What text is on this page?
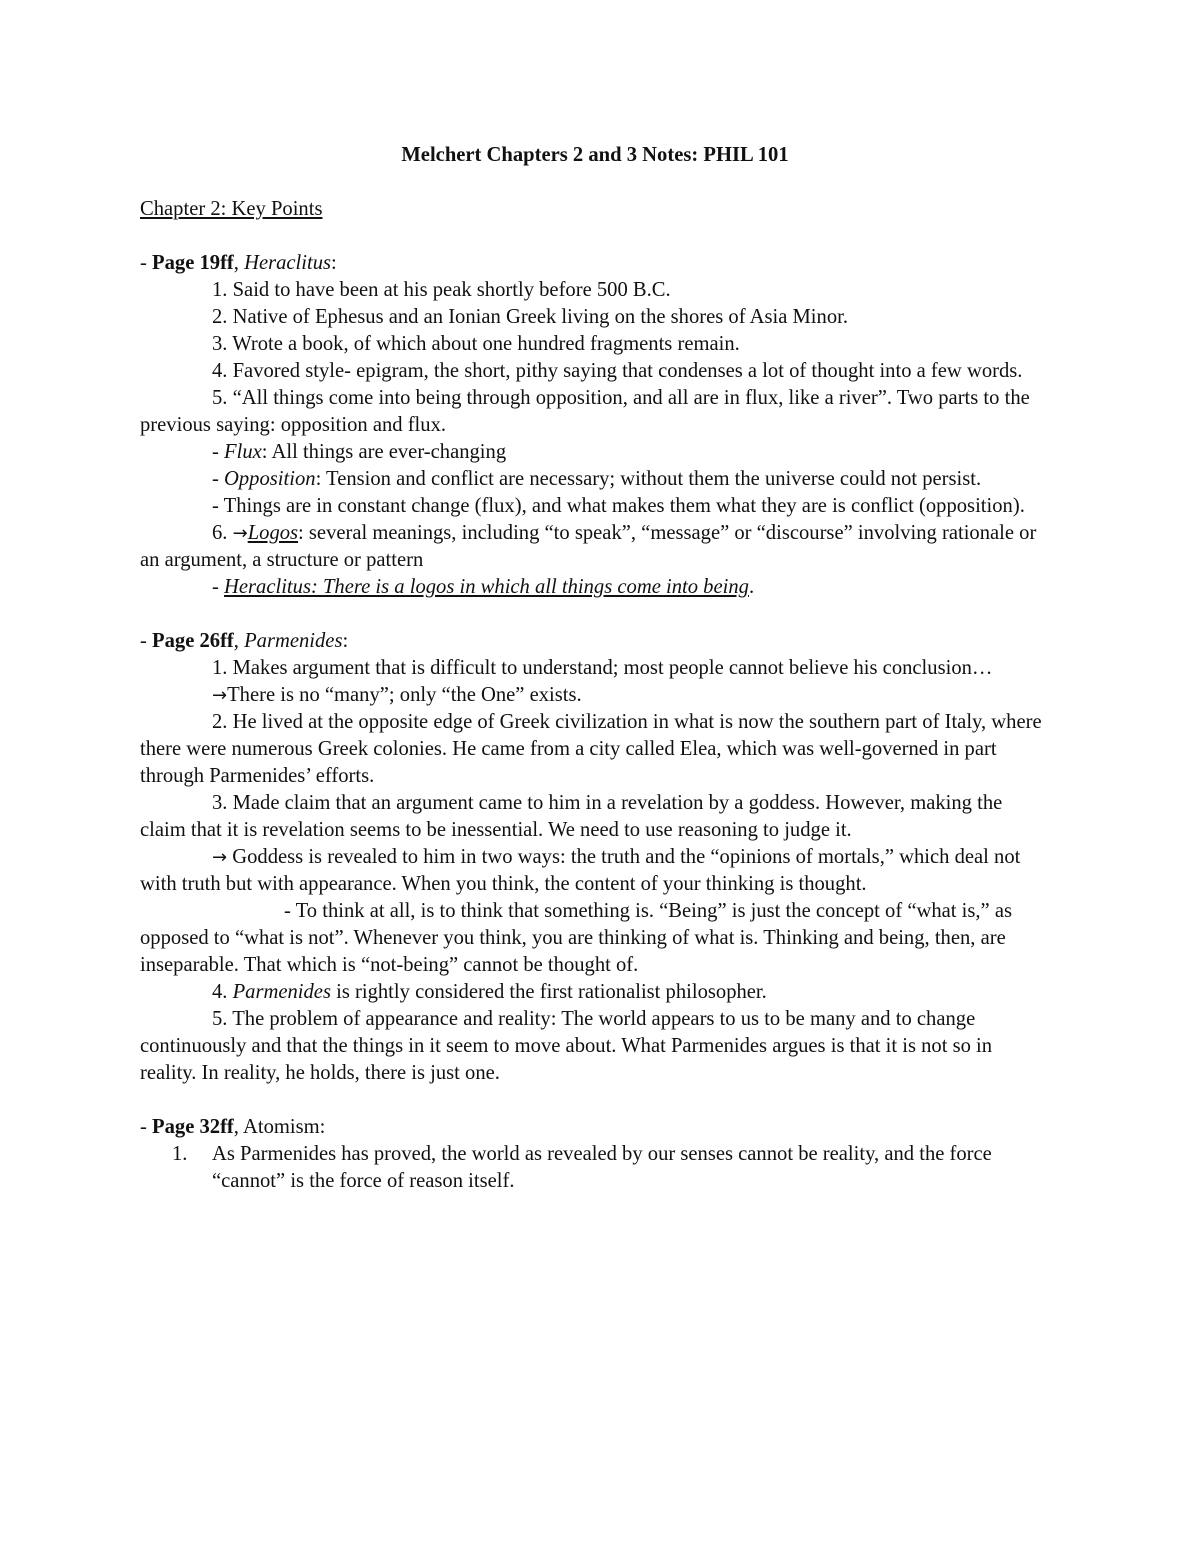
Melchert Chapters 2 and 3 Notes: PHIL 101

Chapter 2: Key Points

- Page 19ff, Heraclitus:

1. Said to have been at his peak shortly before 500 B.C.

2. Native of Ephesus and an Ionian Greek living on the shores of Asia Minor.

3. Wrote a book, of which about one hundred fragments remain.

4. Favored style- epigram, the short, pithy saying that condenses a lot of thought into a few words.

5. “All things come into being through opposition, and all are in flux, like a river”. Two parts to the previous saying: opposition and flux.

- Flux: All things are ever-changing

- Opposition: Tension and conflict are necessary; without them the universe could not persist.

- Things are in constant change (flux), and what makes them what they are is conflict (opposition).

6. →Logos: several meanings, including “to speak”, “message” or “discourse” involving rationale or an argument, a structure or pattern

- Heraclitus: There is a logos in which all things come into being.

- Page 26ff, Parmenides:

1. Makes argument that is difficult to understand; most people cannot believe his conclusion…

→There is no “many”; only “the One” exists.

2. He lived at the opposite edge of Greek civilization in what is now the southern part of Italy, where there were numerous Greek colonies. He came from a city called Elea, which was well-governed in part through Parmenides’ efforts.

3. Made claim that an argument came to him in a revelation by a goddess. However, making the claim that it is revelation seems to be inessential. We need to use reasoning to judge it.

→ Goddess is revealed to him in two ways: the truth and the “opinions of mortals,” which deal not with truth but with appearance. When you think, the content of your thinking is thought.

- To think at all, is to think that something is. “Being” is just the concept of “what is,” as opposed to “what is not”. Whenever you think, you are thinking of what is. Thinking and being, then, are inseparable. That which is “not-being” cannot be thought of.

4. Parmenides is rightly considered the first rationalist philosopher.

5. The problem of appearance and reality: The world appears to us to be many and to change continuously and that the things in it seem to move about. What Parmenides argues is that it is not so in reality. In reality, he holds, there is just one.

- Page 32ff, Atomism:

1.	As Parmenides has proved, the world as revealed by our senses cannot be reality, and the force “cannot” is the force of reason itself.
